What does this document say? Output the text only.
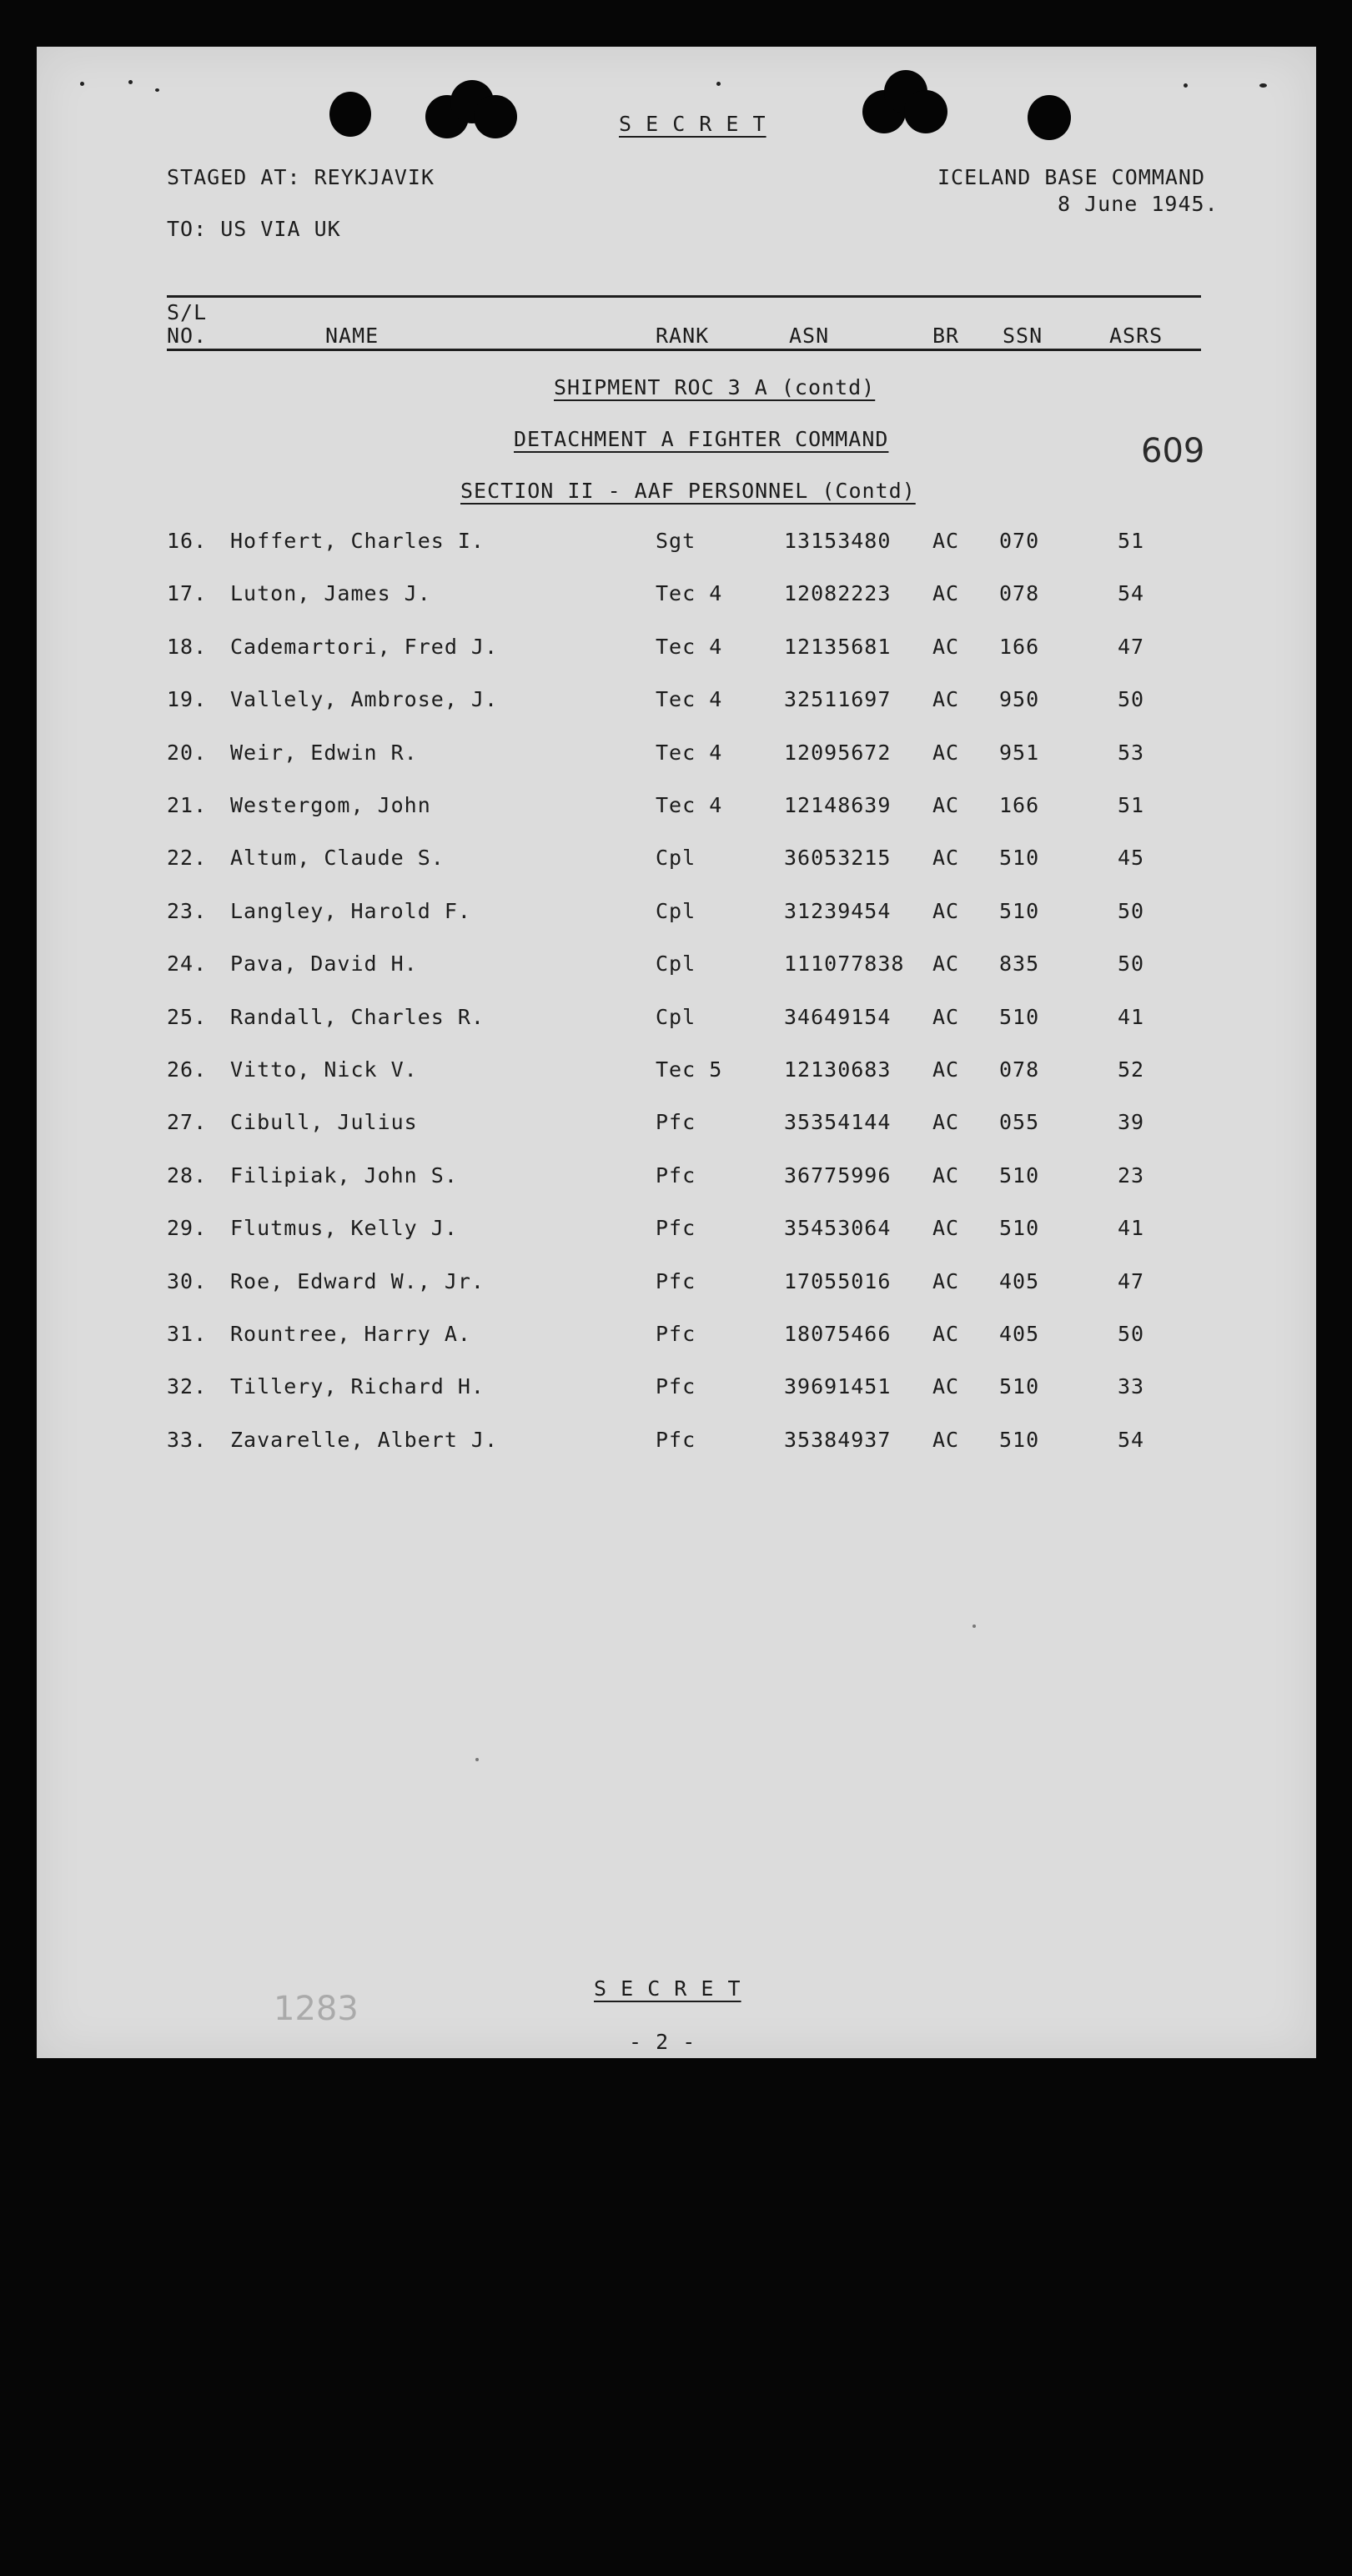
S E C R E T
STAGED AT: REYKJAVIK	ICELAND BASE COMMAND
8 June 1945.
TO: US VIA UK
S/L
NO.	NAME	RANK	ASN	BR SSN	ASRS
SHIPMENT ROC 3 A (contd)
DETACHMENT A FIGHTER COMMAND
SECTION II - AAF PERSONNEL (Contd)
609
16. Hoffert, Charles I.	Sgt	13153480 AC 070	51
17. Luton, James J.	Tec 4	12082223 AC 078	54
18. Cademartori, Fred J.	Tec 4	12135681 AC 166	47
19. Vallely, Ambrose, J.	Tec 4	32511697 AC 950	50
20. Weir, Edwin R.	Tec 4	12095672 AC 951	53
21. Westergom, John	Tec 4	12148639 AC 166	51
22. Altum, Claude S.	Cpl	36053215 AC 510	45
23. Langley, Harold F.	Cpl	31239454 AC 510	50
24. Pava, David H.	Cpl	111077838 AC 835	50
25. Randall, Charles R.	Cpl	34649154 AC 510	41
26. Vitto, Nick V.	Tec 5	12130683 AC 078	52
27. Cibull, Julius	Pfc	35354144 AC 055	39
28. Filipiak, John S.	Pfc	36775996 AC 510	23
29. Flutmus, Kelly J.	Pfc	35453064 AC 510	41
30. Roe, Edward W., Jr.	Pfc	17055016 AC 405	47
31. Rountree, Harry A.	Pfc	18075466 AC 405	50
32. Tillery, Richard H.	Pfc	39691451 AC 510	33
33. Zavarelle, Albert J.	Pfc	35384937 AC 510	54
1283
S E C R E T
- 2 -
